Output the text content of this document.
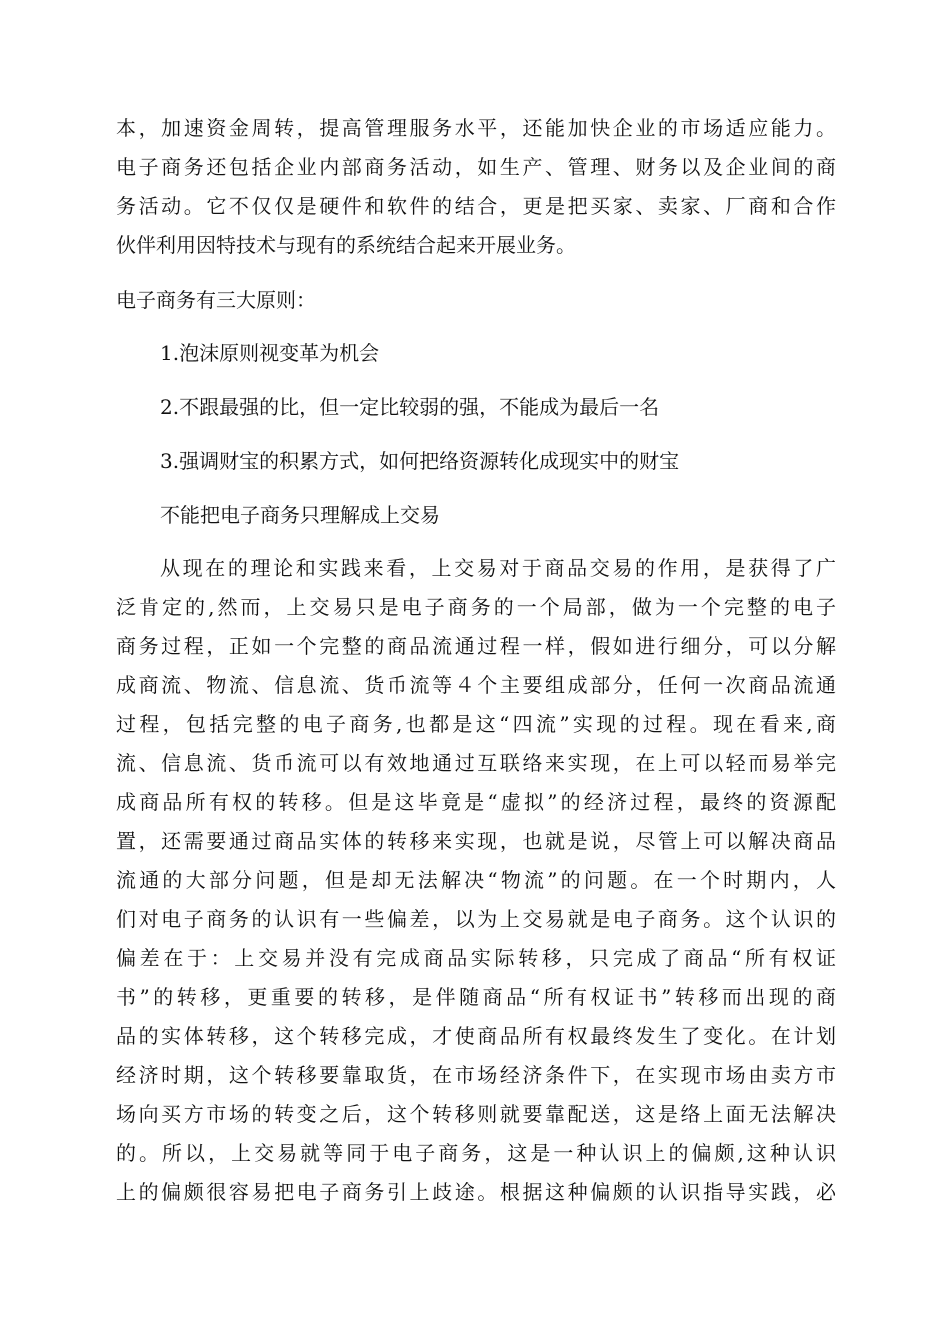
本，加速资金周转，提高管理服务水平，还能加快企业的市场适应能力。
电子商务还包括企业内部商务活动，如生产、管理、财务以及企业间的商
务活动。它不仅仅是硬件和软件的结合，更是把买家、卖家、厂商和合作
伙伴利用因特技术与现有的系统结合起来开展业务。
电子商务有三大原则：
1.泡沫原则视变革为机会
2.不跟最强的比，但一定比较弱的强，不能成为最后一名
3.强调财宝的积累方式，如何把络资源转化成现实中的财宝
不能把电子商务只理解成上交易
从现在的理论和实践来看，上交易对于商品交易的作用，是获得了广
泛肯定的,然而，上交易只是电子商务的一个局部，做为一个完整的电子
商务过程，正如一个完整的商品流通过程一样，假如进行细分，可以分解
成商流、物流、信息流、货币流等４个主要组成部分，任何一次商品流通
过程，包括完整的电子商务,也都是这“四流”实现的过程。现在看来,商
流、信息流、货币流可以有效地通过互联络来实现，在上可以轻而易举完
成商品所有权的转移。但是这毕竟是“虚拟”的经济过程，最终的资源配
置，还需要通过商品实体的转移来实现，也就是说，尽管上可以解决商品
流通的大部分问题，但是却无法解决“物流”的问题。在一个时期内，人
们对电子商务的认识有一些偏差，以为上交易就是电子商务。这个认识的
偏差在于：上交易并没有完成商品实际转移，只完成了商品“所有权证
书”的转移，更重要的转移，是伴随商品“所有权证书”转移而出现的商
品的实体转移，这个转移完成，才使商品所有权最终发生了变化。在计划
经济时期，这个转移要靠取货，在市场经济条件下，在实现市场由卖方市
场向买方市场的转变之后，这个转移则就要靠配送，这是络上面无法解决
的。所以，上交易就等同于电子商务，这是一种认识上的偏颇,这种认识
上的偏颇很容易把电子商务引上歧途。根据这种偏颇的认识指导实践，必
